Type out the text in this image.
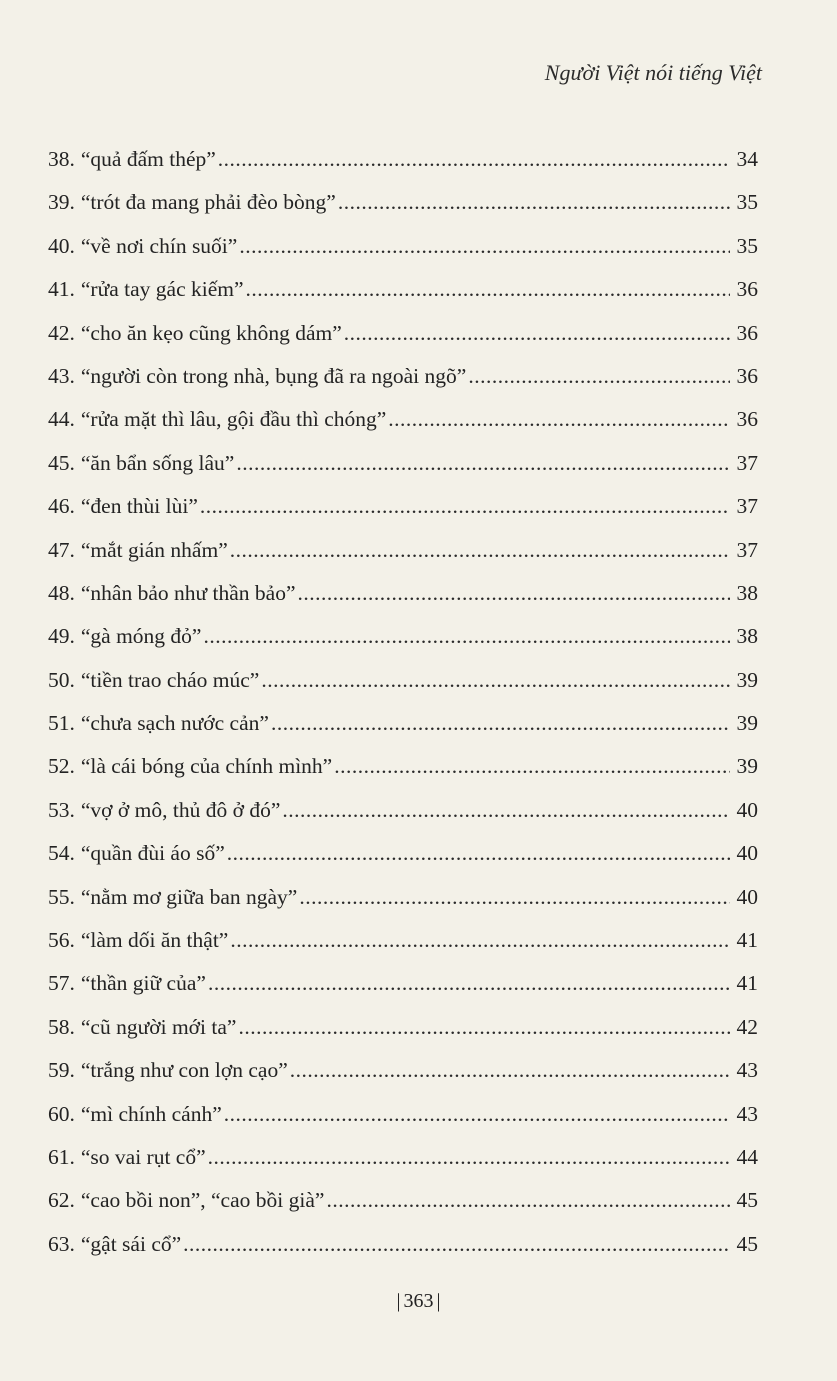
Người Việt nói tiếng Việt
38. “quả đấm thép” .....	34
39. “trót đa mang phải đèo bòng” .....	35
40. “về nơi chín suối” .....	35
41. “rửa tay gác kiếm” .....	36
42. “cho ăn kẹo cũng không dám” .....	36
43. “người còn trong nhà, bụng đã ra ngoài ngõ” .....	36
44. “rửa mặt thì lâu, gội đầu thì chóng” .....	36
45. “ăn bẩn sống lâu” .....	37
46. “đen thùi lùi” .....	37
47. “mắt gián nhấm” .....	37
48. “nhân bảo như thần bảo” .....	38
49. “gà móng đỏ” .....	38
50. “tiền trao cháo múc” .....	39
51. “chưa sạch nước cản” .....	39
52. “là cái bóng của chính mình” .....	39
53. “vợ ở mô, thủ đô ở đó” .....	40
54. “quần đùi áo số” .....	40
55. “nằm mơ giữa ban ngày” .....	40
56. “làm dối ăn thật” .....	41
57. “thần giữ của” .....	41
58. “cũ người mới ta” .....	42
59. “trắng như con lợn cạo” .....	43
60. “mì chính cánh” .....	43
61. “so vai rụt cổ” .....	44
62. “cao bồi non”, “cao bồi già” .....	45
63. “gật sái cổ” .....	45
| 363 |
